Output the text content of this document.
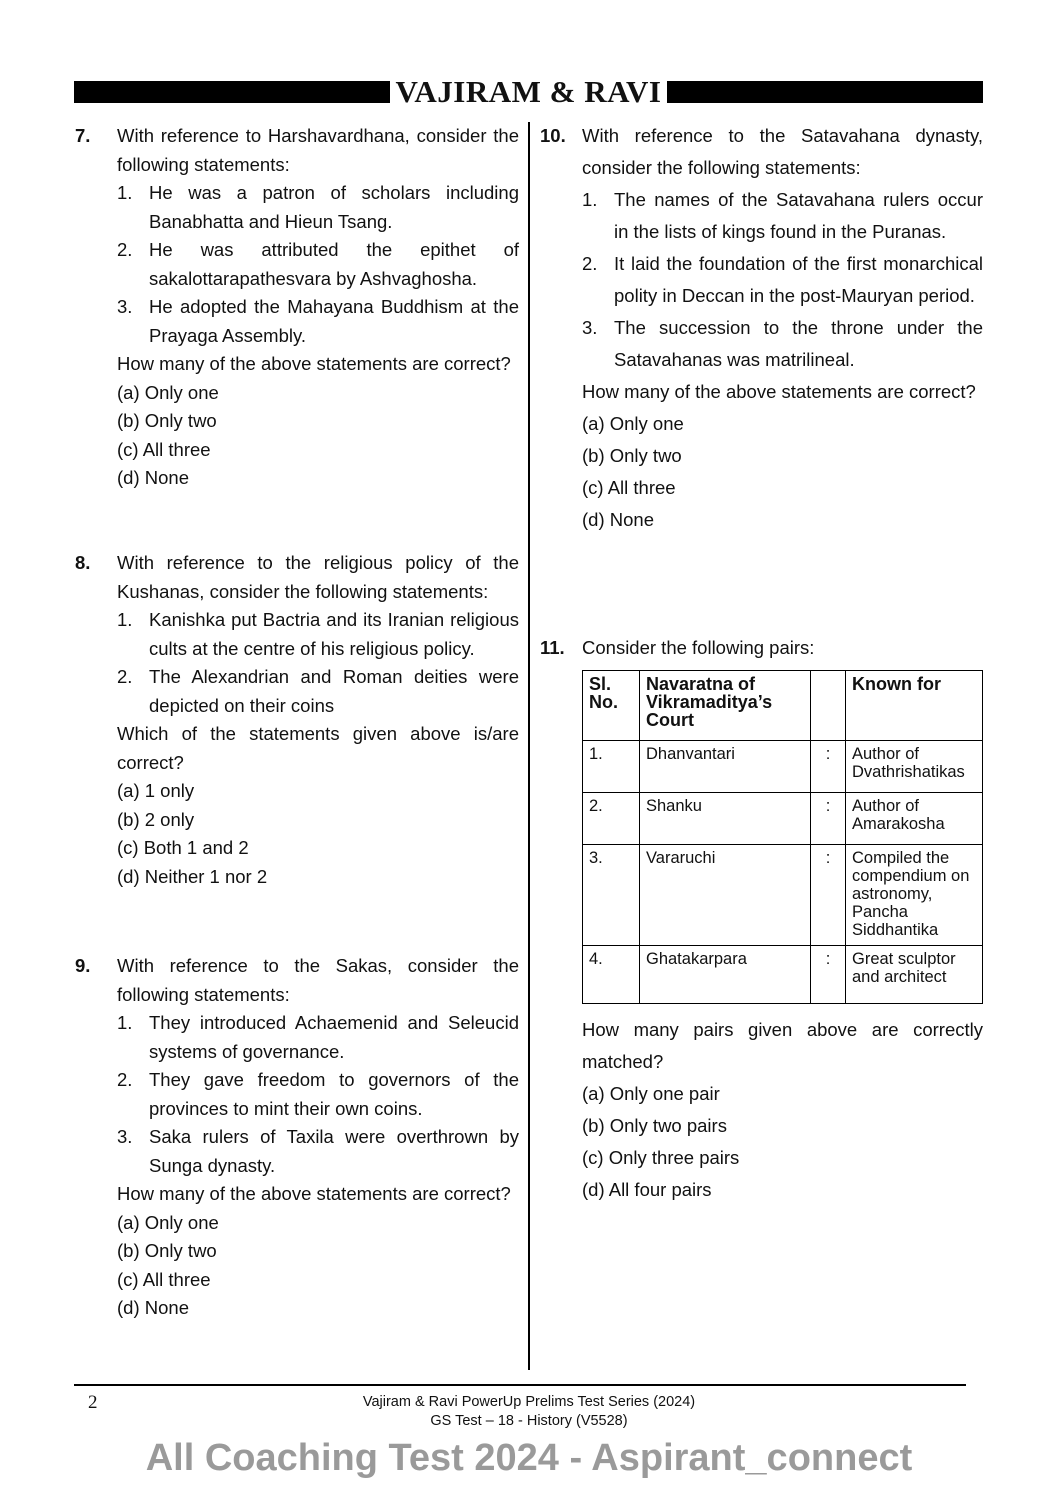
VAJIRAM & RAVI
7. With reference to Harshavardhana, consider the following statements:
1. He was a patron of scholars including Banabhatta and Hieun Tsang.
2. He was attributed the epithet of sakalottarapathesvara by Ashvaghosha.
3. He adopted the Mahayana Buddhism at the Prayaga Assembly.
How many of the above statements are correct?
(a) Only one
(b) Only two
(c) All three
(d) None
8. With reference to the religious policy of the Kushanas, consider the following statements:
1. Kanishka put Bactria and its Iranian religious cults at the centre of his religious policy.
2. The Alexandrian and Roman deities were depicted on their coins
Which of the statements given above is/are correct?
(a) 1 only
(b) 2 only
(c) Both 1 and 2
(d) Neither 1 nor 2
9. With reference to the Sakas, consider the following statements:
1. They introduced Achaemenid and Seleucid systems of governance.
2. They gave freedom to governors of the provinces to mint their own coins.
3. Saka rulers of Taxila were overthrown by Sunga dynasty.
How many of the above statements are correct?
(a) Only one
(b) Only two
(c) All three
(d) None
10. With reference to the Satavahana dynasty, consider the following statements:
1. The names of the Satavahana rulers occur in the lists of kings found in the Puranas.
2. It laid the foundation of the first monarchical polity in Deccan in the post-Mauryan period.
3. The succession to the throne under the Satavahanas was matrilineal.
How many of the above statements are correct?
(a) Only one
(b) Only two
(c) All three
(d) None
11. Consider the following pairs:
Sl. No.	Navaratna of Vikramaditya’s Court		Known for
1.	Dhanvantari	:	Author of Dvathrishatikas
2.	Shanku	:	Author of Amarakosha
3.	Vararuchi	:	Compiled the compendium on astronomy, Pancha Siddhantika
4.	Ghatakarpara	:	Great sculptor and architect
How many pairs given above are correctly matched?
(a) Only one pair
(b) Only two pairs
(c) Only three pairs
(d) All four pairs
2	Vajiram & Ravi PowerUp Prelims Test Series (2024)
GS Test – 18 - History (V5528)
All Coaching Test 2024 - Aspirant_connect
